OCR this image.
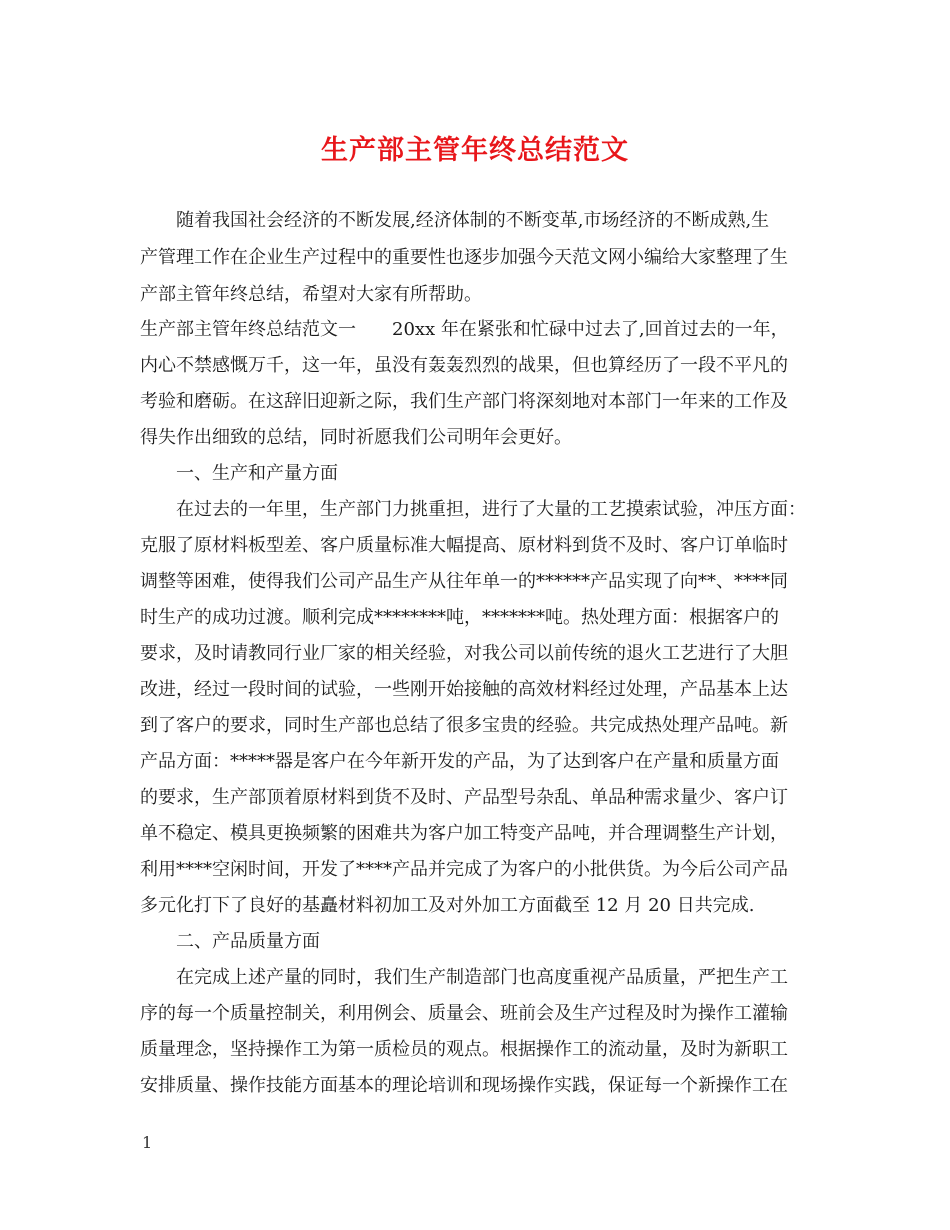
生产部主管年终总结范文
　　随着我国社会经济的不断发展,经济体制的不断变革,市场经济的不断成熟,生
产管理工作在企业生产过程中的重要性也逐步加强今天范文网小编给大家整理了生
产部主管年终总结，希望对大家有所帮助。
生产部主管年终总结范文一　　20xx 年在紧张和忙碌中过去了,回首过去的一年，
内心不禁感慨万千，这一年，虽没有轰轰烈烈的战果，但也算经历了一段不平凡的
考验和磨砺。在这辞旧迎新之际，我们生产部门将深刻地对本部门一年来的工作及
得失作出细致的总结，同时祈愿我们公司明年会更好。
　　一、生产和产量方面
　　在过去的一年里，生产部门力挑重担，进行了大量的工艺摸索试验，冲压方面：
克服了原材料板型差、客户质量标准大幅提高、原材料到货不及时、客户订单临时
调整等困难，使得我们公司产品生产从往年单一的******产品实现了向**、****同
时生产的成功过渡。顺利完成********吨，*******吨。热处理方面：根据客户的
要求，及时请教同行业厂家的相关经验，对我公司以前传统的退火工艺进行了大胆
改进，经过一段时间的试验，一些刚开始接触的高效材料经过处理，产品基本上达
到了客户的要求，同时生产部也总结了很多宝贵的经验。共完成热处理产品吨。新
产品方面：*****器是客户在今年新开发的产品，为了达到客户在产量和质量方面
的要求，生产部顶着原材料到货不及时、产品型号杂乱、单品种需求量少、客户订
单不稳定、模具更换频繁的困难共为客户加工特变产品吨，并合理调整生产计划，
利用****空闲时间，开发了****产品并完成了为客户的小批供货。为今后公司产品
多元化打下了良好的基矗材料初加工及对外加工方面截至 12 月 20 日共完成.
　　二、产品质量方面
　　在完成上述产量的同时，我们生产制造部门也高度重视产品质量，严把生产工
序的每一个质量控制关，利用例会、质量会、班前会及生产过程及时为操作工灌输
质量理念，坚持操作工为第一质检员的观点。根据操作工的流动量，及时为新职工
安排质量、操作技能方面基本的理论培训和现场操作实践，保证每一个新操作工在
1
